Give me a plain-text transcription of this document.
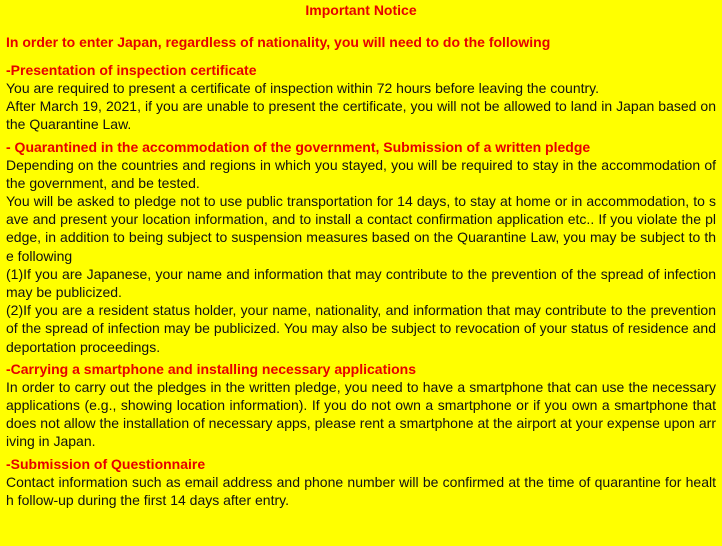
Important Notice

In order to enter Japan, regardless of nationality, you will need to do the following

-Presentation of inspection certificate

You are required to present a certificate of inspection within 72 hours before leaving the country.

After March 19, 2021, if you are unable to present the certificate, you will not be allowed to land in Japan based on the Quarantine Law.

- Quarantined in the accommodation of the government, Submission of a written pledge

Depending on the countries and regions in which you stayed, you will be required to stay in the accommodation of the government, and be tested.

You will be asked to pledge not to use public transportation for 14 days, to stay at home or in accommodation, to save and present your location information, and to install a contact confirmation application etc.. If you violate the pledge, in addition to being subject to suspension measures based on the Quarantine Law, you may be subject to the following

(1)If you are Japanese, your name and information that may contribute to the prevention of the spread of infection may be publicized.

(2)If you are a resident status holder, your name, nationality, and information that may contribute to the prevention of the spread of infection may be publicized. You may also be subject to revocation of your status of residence and deportation proceedings.

-Carrying a smartphone and installing necessary applications

In order to carry out the pledges in the written pledge, you need to have a smartphone that can use the necessary applications (e.g., showing location information). If you do not own a smartphone or if you own a smartphone that does not allow the installation of necessary apps, please rent a smartphone at the airport at your expense upon arriving in Japan.

-Submission of Questionnaire

Contact information such as email address and phone number will be confirmed at the time of quarantine for health follow-up during the first 14 days after entry.
